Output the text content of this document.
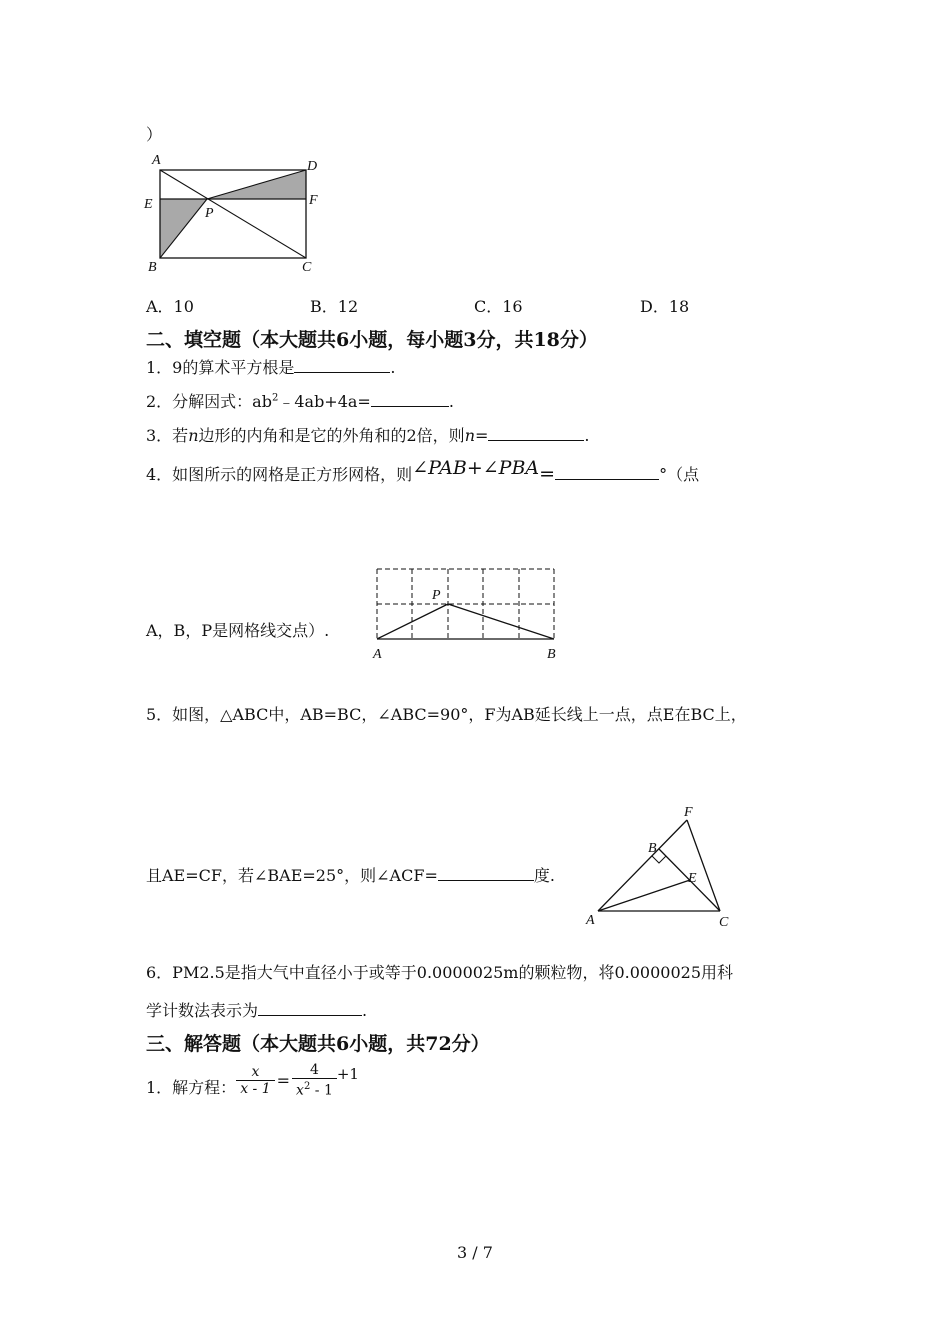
）
A	D
E	F
P
B	C
A．10	B．12	C．16	D．18
二、填空题（本大题共6小题，每小题3分，共18分）
1．9的算术平方根是	.
2．分解因式：$ab^2﹣4ab+4a=$	.
3．若n边形的内角和是它的外角和的2倍，则n=	.
4．如图所示的网格是正方形网格，则∠PAB+∠PBA=	°（点
A，B，P是网格线交点）.
P
A	B
5．如图，△ABC中，AB=BC，∠ABC=90°，F为AB延长线上一点，点E在BC上，
且AE=CF，若∠BAE=25°，则∠ACF=	度.
F
B
E
A	C
6．PM2.5是指大气中直径小于或等于0.0000025m的颗粒物，将0.0000025用科
学计数法表示为	.
三、解答题（本大题共6小题，共72分）
1．解方程： $\frac{x}{x - 1} = \frac{4}{x^2 - 1} +1$
3 / 7
